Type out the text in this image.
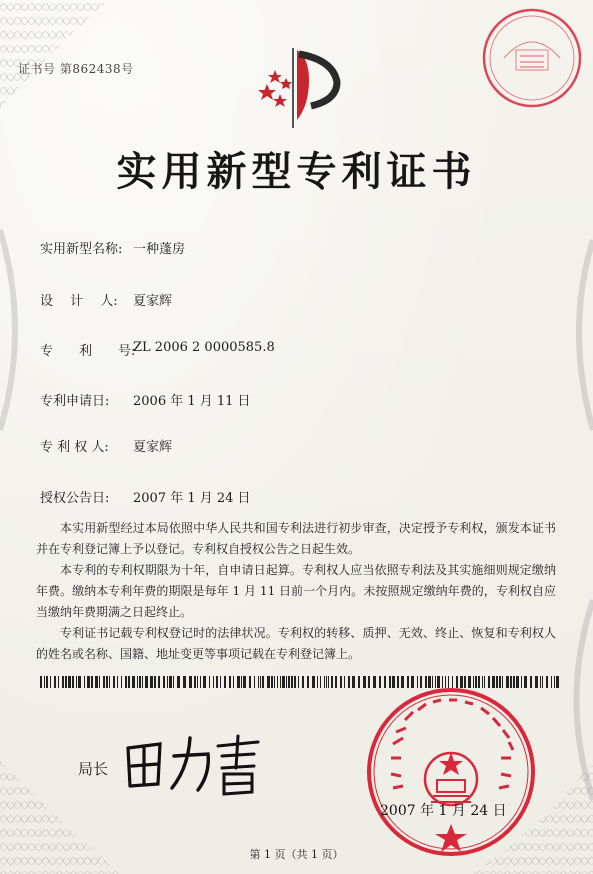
证书号 第862438号
实用新型专利证书
实用新型名称: 一种蓬房
设　 计　 人: 夏家辉
专　　利　　号:
ZL 2006 2 0000585.8
专利申请日: 2006 年 1 月 11 日
专 利 权 人: 夏家辉
授权公告日: 2007 年 1 月 24 日

本实用新型经过本局依照中华人民共和国专利法进行初步审查，决定授予专利权，颁发本证书并在专利登记簿上予以登记。专利权自授权公告之日起生效。

本专利的专利权期限为十年，自申请日起算。专利权人应当依照专利法及其实施细则规定缴纳年费。缴纳本专利年费的期限是每年 1 月 11 日前一个月内。未按照规定缴纳年费的，专利权自应当缴纳年费期满之日起终止。

专利证书记载专利权登记时的法律状况。专利权的转移、质押、无效、终止、恢复和专利权人的姓名或名称、国籍、地址变更等事项记载在专利登记簿上。

局长
2007 年 1 月 24 日
第 1 页（共 1 页）
